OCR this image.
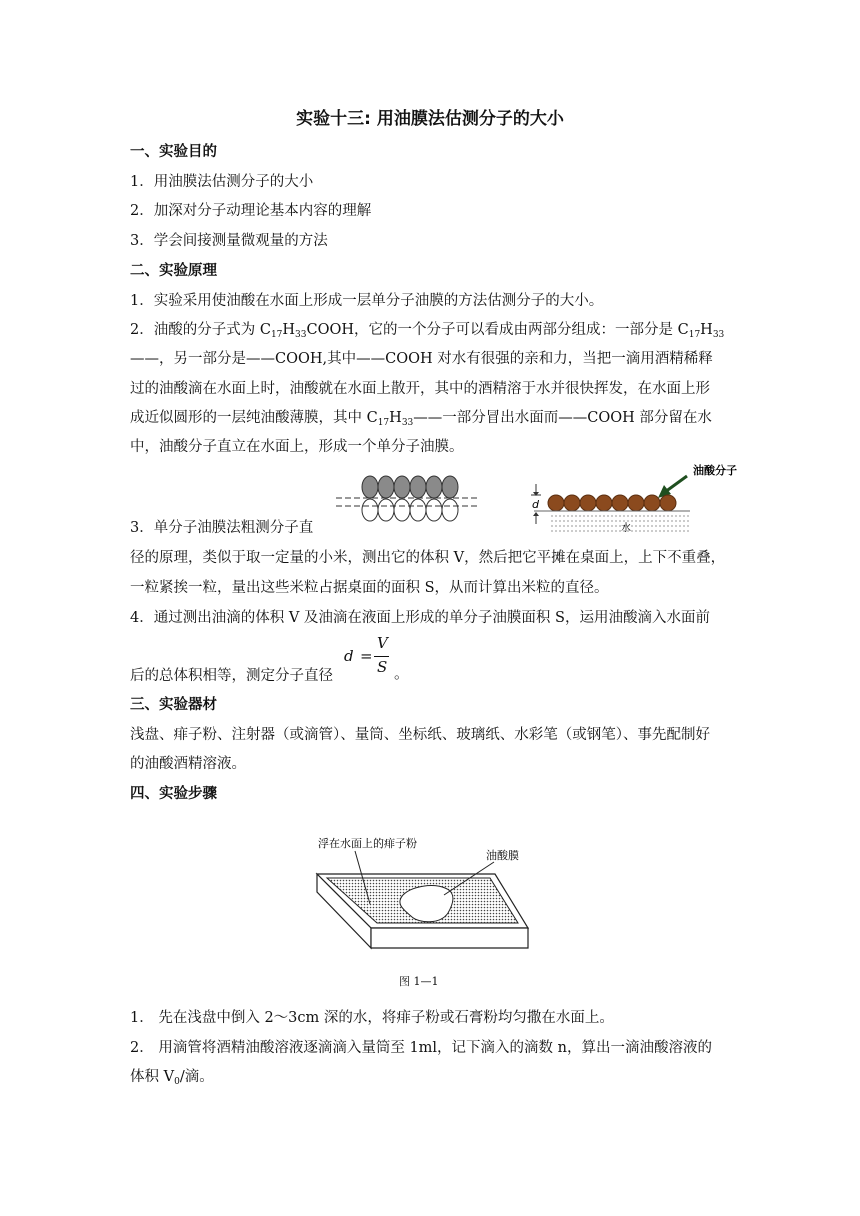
实验十三: 用油膜法估测分子的大小
一、实验目的
1．用油膜法估测分子的大小
2．加深对分子动理论基本内容的理解
3．学会间接测量微观量的方法
二、实验原理
1．实验采用使油酸在水面上形成一层单分子油膜的方法估测分子的大小。
2．油酸的分子式为 $C_{17}H_{33}COOH$，它的一个分子可以看成由两部分组成：一部分是 $C_{17}H_{33}$
——，另一部分是——COOH,其中——COOH 对水有很强的亲和力，当把一滴用酒精稀释
过的油酸滴在水面上时，油酸就在水面上散开，其中的酒精溶于水并很快挥发，在水面上形
成近似圆形的一层纯油酸薄膜，其中 $C_{17}H_{33}——$一部分冒出水面而——COOH 部分留在水
中，油酸分子直立在水面上，形成一个单分子油膜。
油酸分子
d
水
3．单分子油膜法粗测分子直
径的原理，类似于取一定量的小米，测出它的体积 V，然后把它平摊在桌面上，上下不重叠，
一粒紧挨一粒，量出这些米粒占据桌面的面积 S，从而计算出米粒的直径。
4．通过测出油滴的体积 V 及油滴在液面上形成的单分子油膜面积 S，运用油酸滴入水面前
后的总体积相等，测定分子直径
d =
V
S 。
三、实验器材
浅盘、痱子粉、注射器（或滴管）、量筒、坐标纸、玻璃纸、水彩笔（或钢笔）、事先配制好
的油酸酒精溶液。
四、实验步骤
浮在水面上的痱子粉
油酸膜
图 1—1
1． 先在浅盘中倒入 2～3cm 深的水，将痱子粉或石膏粉均匀撒在水面上。
2． 用滴管将酒精油酸溶液逐滴滴入量筒至 1ml，记下滴入的滴数 n，算出一滴油酸溶液的
体积 $V_0/$滴。
